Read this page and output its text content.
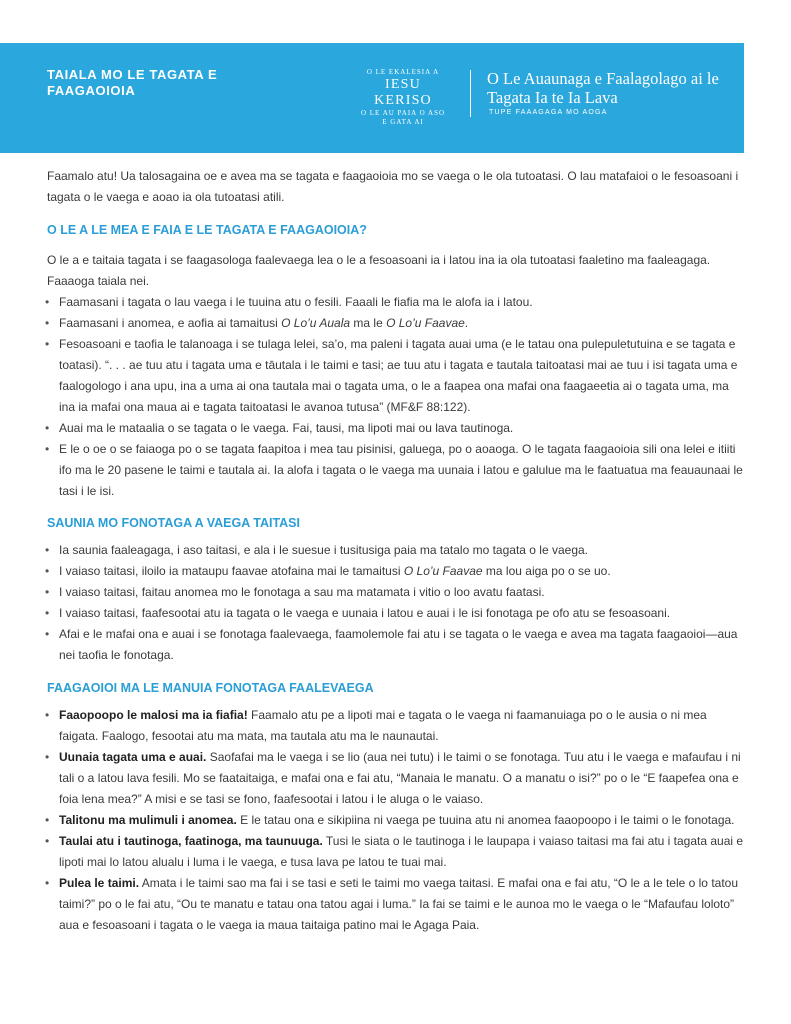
TAIALA MO LE TAGATA E FAAGAOIOIA
O LE EKALESIA A
IESU KERISO
O LE AU PAIA O ASO
E GATA AI
O Le Auaunaga e Faalagolago ai le Tagata Ia te Ia Lava
TUPE FAAAGAGA MO AOGA

Faamalo atu! Ua talosagaina oe e avea ma se tagata e faagaoioia mo se vaega o le ola tutoatasi. O lau matafaioi o le fesoasoani i tagata o le vaega e aoao ia ola tutoatasi atili.

O LE A LE MEA E FAIA E LE TAGATA E FAAGAOIOIA?

O le a e taitaia tagata i se faagasologa faalevaega lea o le a fesoasoani ia i latou ina ia ola tutoatasi faaletino ma faaleagaga. Faaaoga taiala nei.

• Faamasani i tagata o lau vaega i le tuuina atu o fesili. Faaali le fiafia ma le alofa ia i latou.
• Faamasani i anomea, e aofia ai tamaitusi O Lo’u Auala ma le O Lo’u Faavae.
• Fesoasoani e taofia le talanoaga i se tulaga lelei, sa’o, ma paleni i tagata auai uma (e le tatau ona pulepuletutuina e se tagata e toatasi). “. . . ae tuu atu i tagata uma e tāutala i le taimi e tasi; ae tuu atu i tagata e tautala taitoatasi mai ae tuu i isi tagata uma e faalogologo i ana upu, ina a uma ai ona tautala mai o tagata uma, o le a faapea ona mafai ona faagaeetia ai o tagata uma, ma ina ia mafai ona maua ai e tagata taitoatasi le avanoa tutusa” (MF&F 88:122).
• Auai ma le mataalia o se tagata o le vaega. Fai, tausi, ma lipoti mai ou lava tautinoga.
• E le o oe o se faiaoga po o se tagata faapitoa i mea tau pisinisi, galuega, po o aoaoga. O le tagata faagaoioia sili ona lelei e itiiti ifo ma le 20 pasene le taimi e tautala ai. Ia alofa i tagata o le vaega ma uunaia i latou e galulue ma le faatuatua ma feauaunaai le tasi i le isi.
SAUNIA MO FONOTAGA A VAEGA TAITASI
• Ia saunia faaleagaga, i aso taitasi, e ala i le suesue i tusitusiga paia ma tatalo mo tagata o le vaega.
• I vaiaso taitasi, iloilo ia mataupu faavae atofaina mai le tamaitusi O Lo’u Faavae ma lou aiga po o se uo.
• I vaiaso taitasi, faitau anomea mo le fonotaga a sau ma matamata i vitio o loo avatu faatasi.
• I vaiaso taitasi, faafesootai atu ia tagata o le vaega e uunaia i latou e auai i le isi fonotaga pe ofo atu se fesoasoani.
• Afai e le mafai ona e auai i se fonotaga faalevaega, faamolemole fai atu i se tagata o le vaega e avea ma tagata faagaoioi—aua nei taofia le fonotaga.
FAAGAOIOI MA LE MANUIA FONOTAGA FAALEVAEGA
• Faaopoopo le malosi ma ia fiafia! Faamalo atu pe a lipoti mai e tagata o le vaega ni faamanuiaga po o le ausia o ni mea faigata. Faalogo, fesootai atu ma mata, ma tautala atu ma le naunautai.
• Uunaia tagata uma e auai. Saofafai ma le vaega i se lio (aua nei tutu) i le taimi o se fonotaga. Tuu atu i le vaega e mafaufau i ni tali o a latou lava fesili. Mo se faataitaiga, e mafai ona e fai atu, “Manaia le manatu. O a manatu o isi?” po o le “E faapefea ona e foia lena mea?” A misi e se tasi se fono, faafesootai i latou i le aluga o le vaiaso.
• Talitonu ma mulimuli i anomea. E le tatau ona e sikipiina ni vaega pe tuuina atu ni anomea faaopoopo i le taimi o le fonotaga.
• Taulai atu i tautinoga, faatinoga, ma taunuuga. Tusi le siata o le tautinoga i le laupapa i vaiaso taitasi ma fai atu i tagata auai e lipoti mai lo latou alualu i luma i le vaega, e tusa lava pe latou te tuai mai.
• Pulea le taimi. Amata i le taimi sao ma fai i se tasi e seti le taimi mo vaega taitasi. E mafai ona e fai atu, “O le a le tele o lo tatou taimi?” po o le fai atu, “Ou te manatu e tatau ona tatou agai i luma.” Ia fai se taimi e le aunoa mo le vaega o le “Mafaufau loloto” aua e fesoasoani i tagata o le vaega ia maua taitaiga patino mai le Agaga Paia.
